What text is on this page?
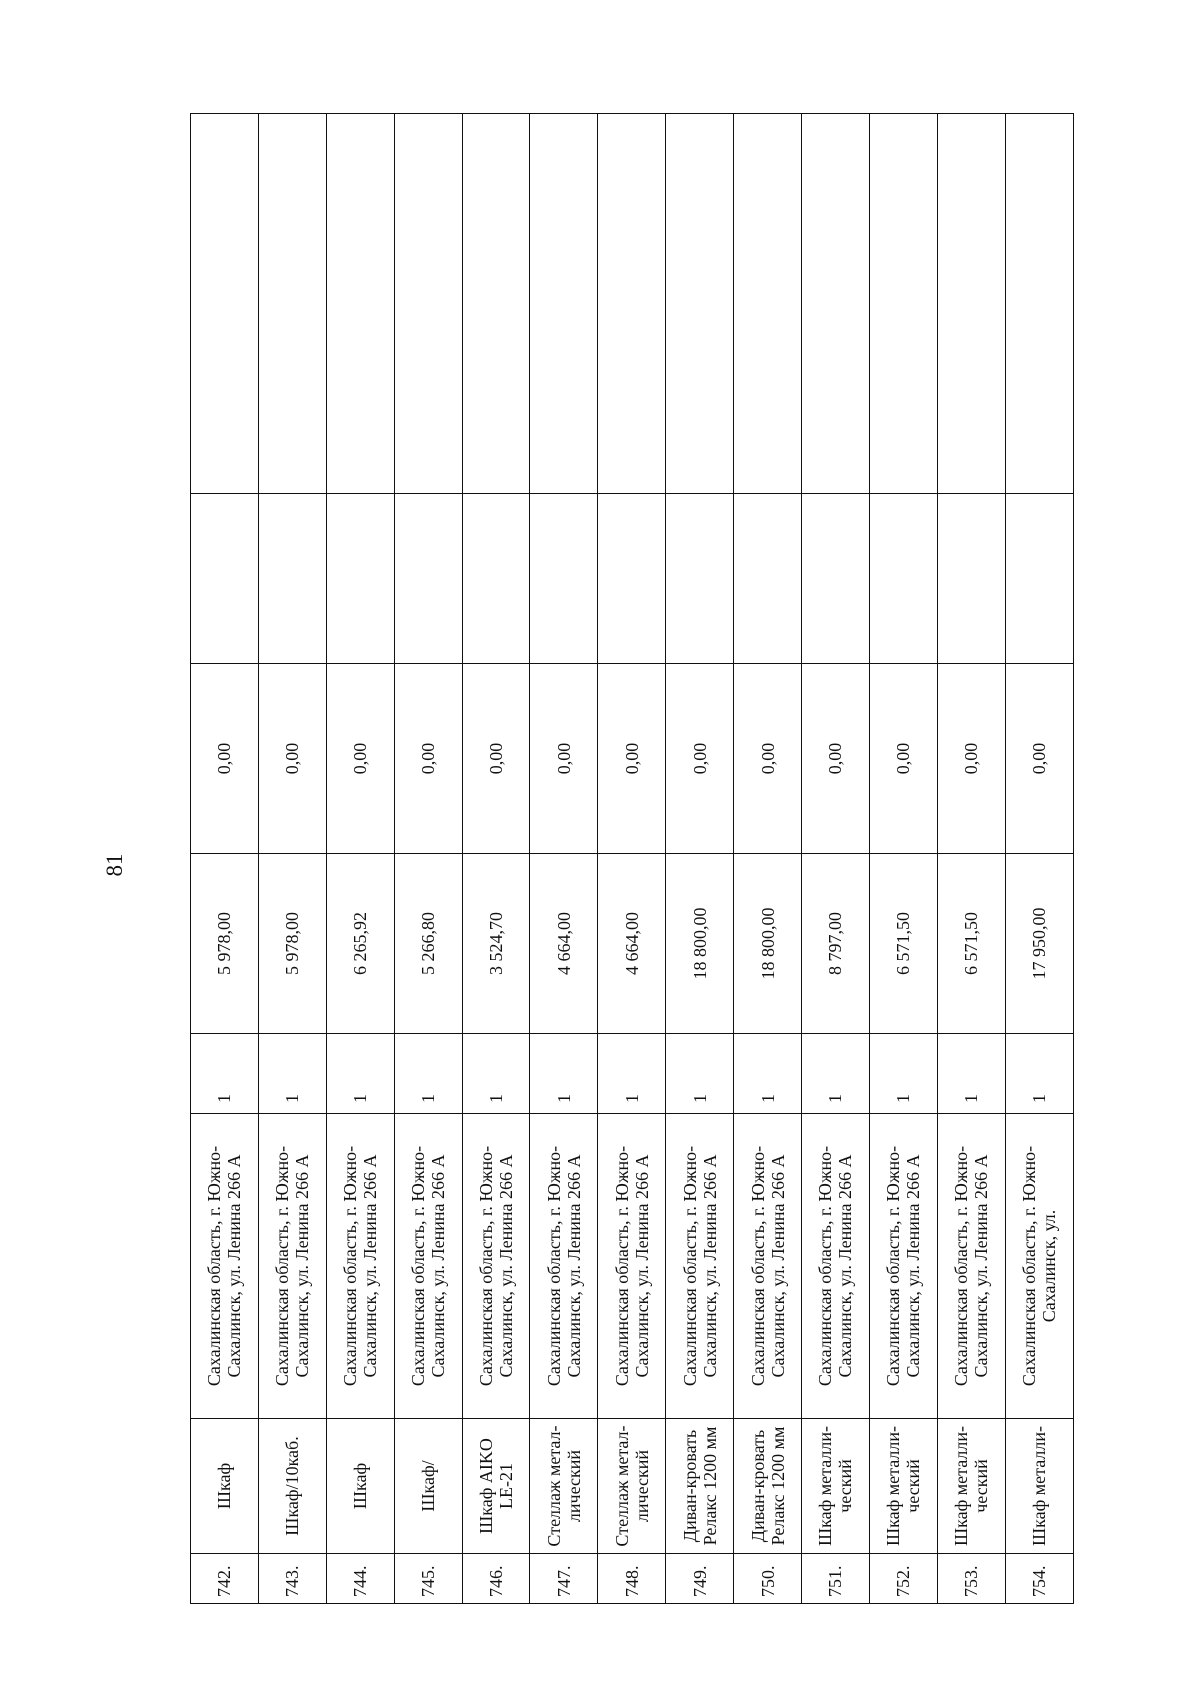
81
742.	Шкаф	Сахалинская область, г. Южно-Сахалинск, ул. Ленина 266 А	1	5 978,00	0,00		
743.	Шкаф/10каб.	Сахалинская область, г. Южно-Сахалинск, ул. Ленина 266 А	1	5 978,00	0,00		
744.	Шкаф	Сахалинская область, г. Южно-Сахалинск, ул. Ленина 266 А	1	6 265,92	0,00		
745.	Шкаф/	Сахалинская область, г. Южно-Сахалинск, ул. Ленина 266 А	1	5 266,80	0,00		
746.	Шкаф AIKO LE-21	Сахалинская область, г. Южно-Сахалинск, ул. Ленина 266 А	1	3 524,70	0,00		
747.	Стеллаж метал-лический	Сахалинская область, г. Южно-Сахалинск, ул. Ленина 266 А	1	4 664,00	0,00		
748.	Стеллаж метал-лический	Сахалинская область, г. Южно-Сахалинск, ул. Ленина 266 А	1	4 664,00	0,00		
749.	Диван-кровать Релакс 1200 мм	Сахалинская область, г. Южно-Сахалинск, ул. Ленина 266 А	1	18 800,00	0,00		
750.	Диван-кровать Релакс 1200 мм	Сахалинская область, г. Южно-Сахалинск, ул. Ленина 266 А	1	18 800,00	0,00		
751.	Шкаф металли-ческий	Сахалинская область, г. Южно-Сахалинск, ул. Ленина 266 А	1	8 797,00	0,00		
752.	Шкаф металли-ческий	Сахалинская область, г. Южно-Сахалинск, ул. Ленина 266 А	1	6 571,50	0,00		
753.	Шкаф металли-ческий	Сахалинская область, г. Южно-Сахалинск, ул. Ленина 266 А	1	6 571,50	0,00		
754.	Шкаф металли-	Сахалинская область, г. Южно-Сахалинск, ул.	1	17 950,00	0,00		
